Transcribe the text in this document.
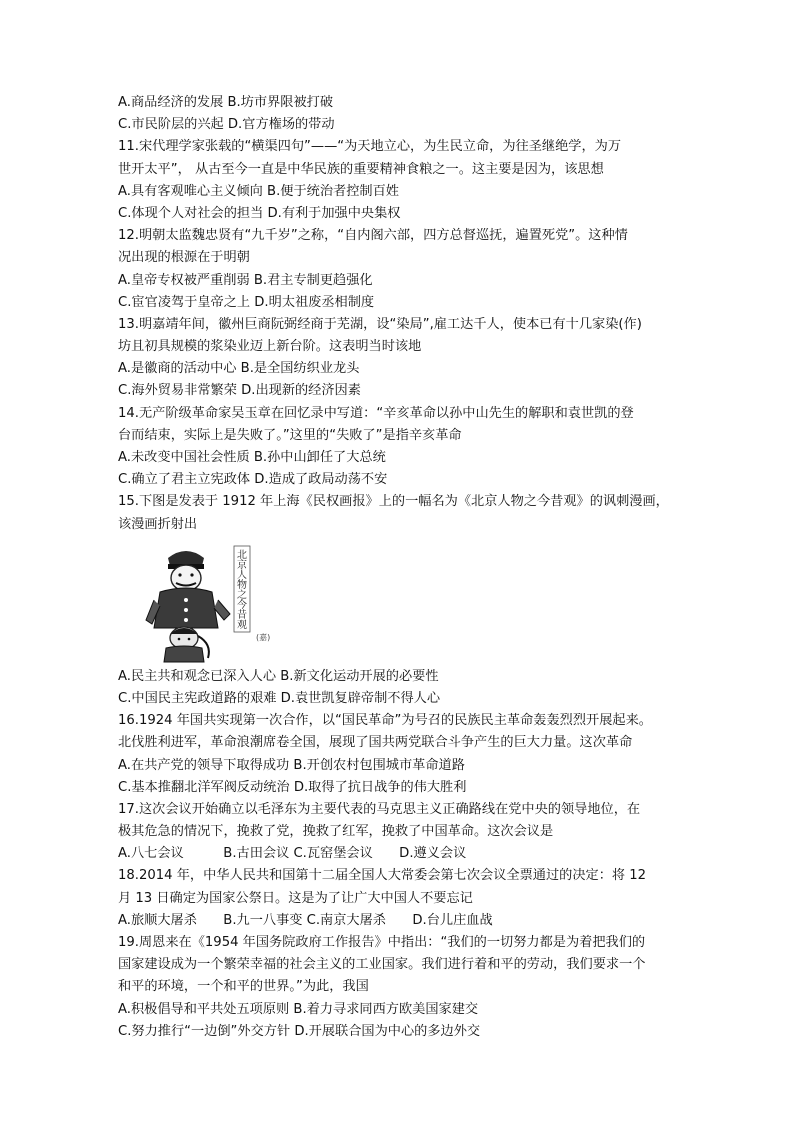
A.商品经济的发展 B.坊市界限被打破
C.市民阶层的兴起 D.官方権场的带动
11.宋代理学家张载的“横渠四句”——“为天地立心，为生民立命，为往圣继绝学，为万
世开太平”， 从古至今一直是中华民族的重要精神食粮之一。这主要是因为，该思想
A.具有客观唯心主义倾向 B.便于统治者控制百姓
C.体现个人对社会的担当 D.有利于加强中央集权
12.明朝太监魏忠贤有“九千岁”之称，“自内阁六部，四方总督巡抚，遍置死党”。这种情
况出现的根源在于明朝
A.皇帝专权被严重削弱 B.君主专制更趋强化
C.宦官凌驾于皇帝之上 D.明太祖废丞相制度
13.明嘉靖年间，徽州巨商阮弼经商于芜湖，设“染局”,雇工达千人，使本已有十几家染(作)
坊且初具规模的浆染业迈上新台阶。这表明当时该地
A.是徽商的活动中心 B.是全国纺织业龙头
C.海外贸易非常繁荣 D.出现新的经济因素
14.无产阶级革命家吴玉章在回忆录中写道：“辛亥革命以孙中山先生的解职和袁世凯的登
台而结束，实际上是失败了。”这里的“失败了”是指辛亥革命
A.未改变中国社会性质 B.孙中山卸任了大总统
C.确立了君主立宪政体 D.造成了政局动荡不安
15.下图是发表于 1912 年上海《民权画报》上的一幅名为《北京人物之今昔观》的讽刺漫画，
该漫画折射出
北京人物之今昔观
(嘉)
A.民主共和观念已深入人心 B.新文化运动开展的必要性
C.中国民主宪政道路的艰难 D.袁世凯复辟帝制不得人心
16.1924 年国共实现第一次合作，以“国民革命”为号召的民族民主革命轰轰烈烈开展起来。
北伐胜利进军，革命浪潮席卷全国，展现了国共两党联合斗争产生的巨大力量。这次革命
A.在共产党的领导下取得成功 B.开创农村包围城市革命道路
C.基本推翻北洋军阀反动统治 D.取得了抗日战争的伟大胜利
17.这次会议开始确立以毛泽东为主要代表的马克思主义正确路线在党中央的领导地位，在
极其危急的情况下，挽救了党，挽救了红军，挽救了中国革命。这次会议是
A.八七会议　　　B.古田会议 C.瓦窑堡会议　　D.遵义会议
18.2014 年，中华人民共和国第十二届全国人大常委会第七次会议全票通过的决定：将 12
月 13 日确定为国家公祭日。这是为了让广大中国人不要忘记
A.旅顺大屠杀　　B.九一八事变 C.南京大屠杀　　D.台儿庄血战
19.周恩来在《1954 年国务院政府工作报告》中指出：“我们的一切努力都是为着把我们的
国家建设成为一个繁荣幸福的社会主义的工业国家。我们进行着和平的劳动，我们要求一个
和平的环境，一个和平的世界。”为此，我国
A.积极倡导和平共处五项原则 B.着力寻求同西方欧美国家建交
C.努力推行“一边倒”外交方针 D.开展联合国为中心的多边外交
